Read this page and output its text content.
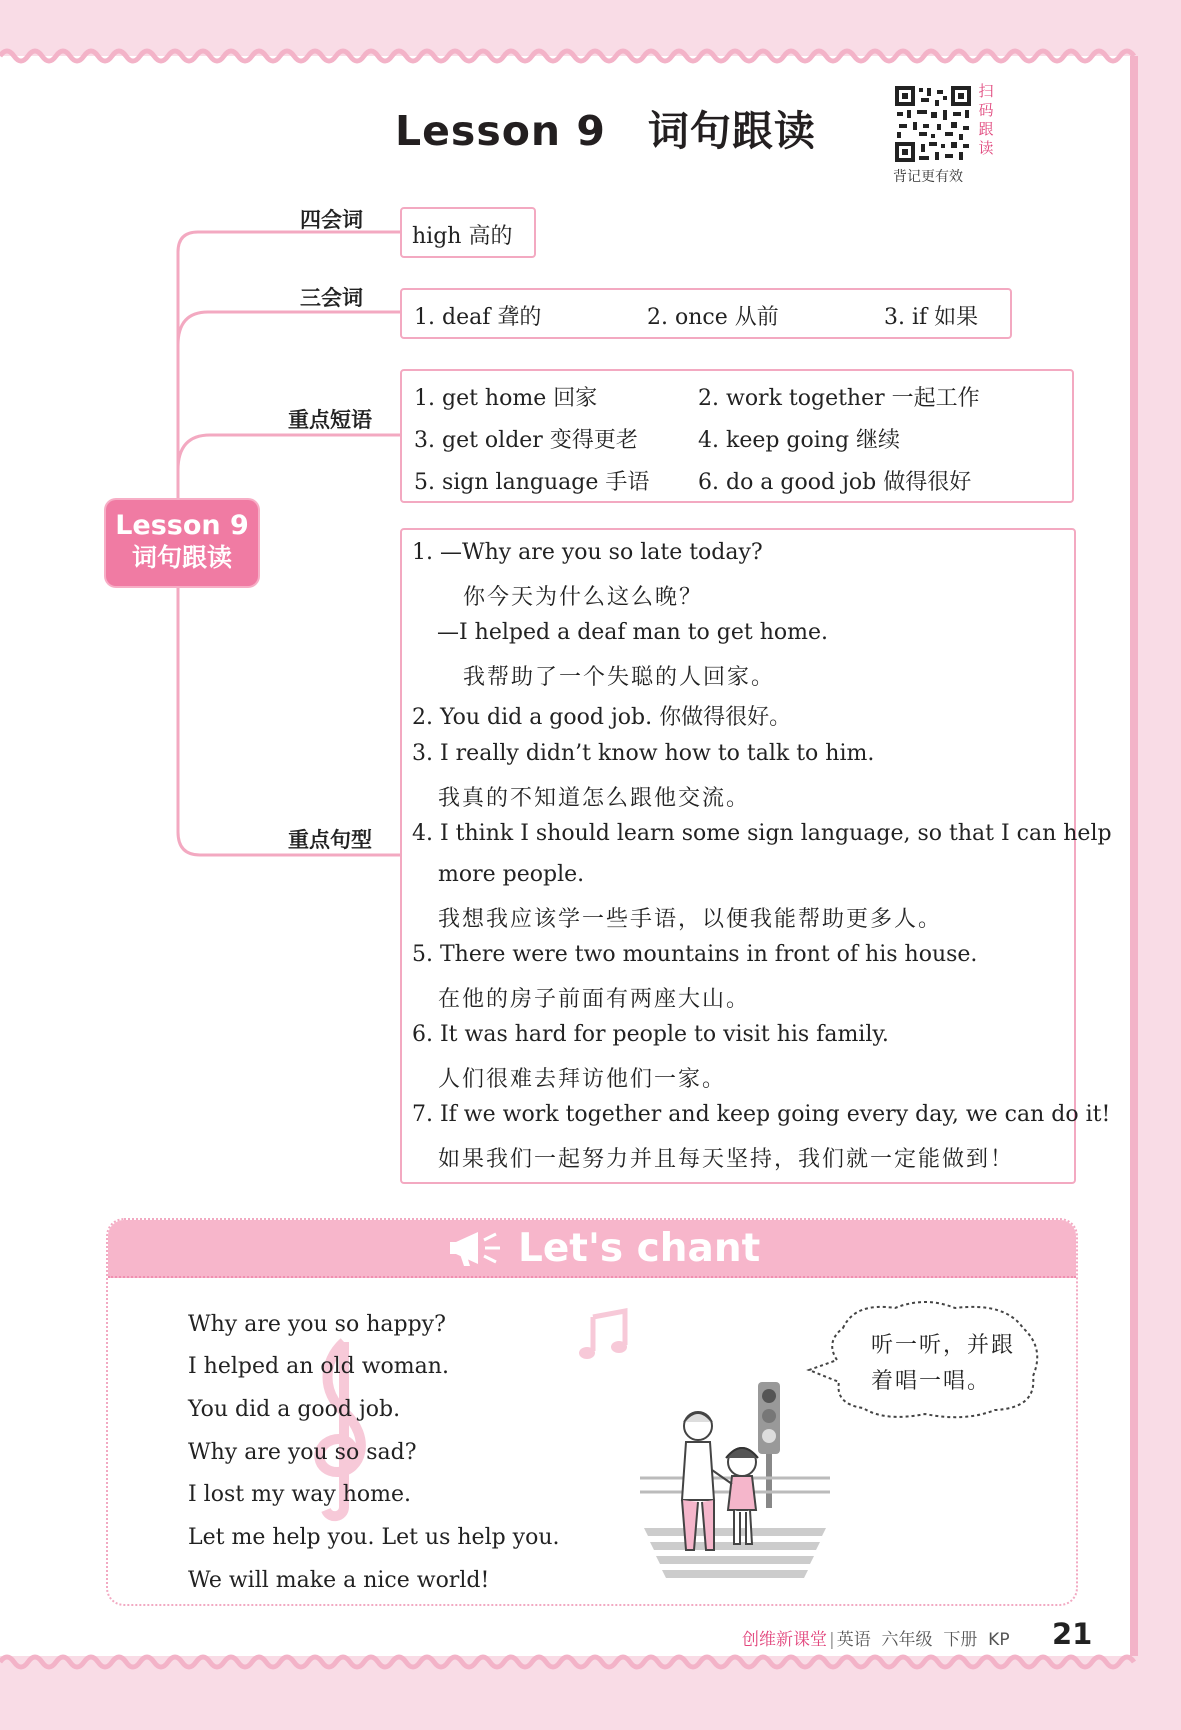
Lesson 9　词句跟读
扫
码
跟
读
背记更有效
四会词
三会词
重点短语
重点句型
Lesson 9
词句跟读
high 高的
1. deaf 聋的	2. once 从前	3. if 如果
1. get home 回家	2. work together 一起工作
3. get older 变得更老	4. keep going 继续
5. sign language 手语 6. do a good job 做得很好
1. —Why are you so late today?
你今天为什么这么晚？
—I helped a deaf man to get home.
我帮助了一个失聪的人回家。
2. You did a good job. 你做得很好。
3. I really didn’t know how to talk to him.
我真的不知道怎么跟他交流。
4. I think I should learn some sign language, so that I can help
more people.
我想我应该学一些手语，以便我能帮助更多人。
5. There were two mountains in front of his house.
在他的房子前面有两座大山。
6. It was hard for people to visit his family.
人们很难去拜访他们一家。
7. If we work together and keep going every day, we can do it!
如果我们一起努力并且每天坚持，我们就一定能做到！
Let's chant
Why are you so happy?
I helped an old woman.
You did a good job.
Why are you so sad?
I lost my way home.
Let me help you. Let us help you.
We will make a nice world!
听一听，并跟
着唱一唱。
创维新课堂 | 英语 六年级 下册 KP 21
